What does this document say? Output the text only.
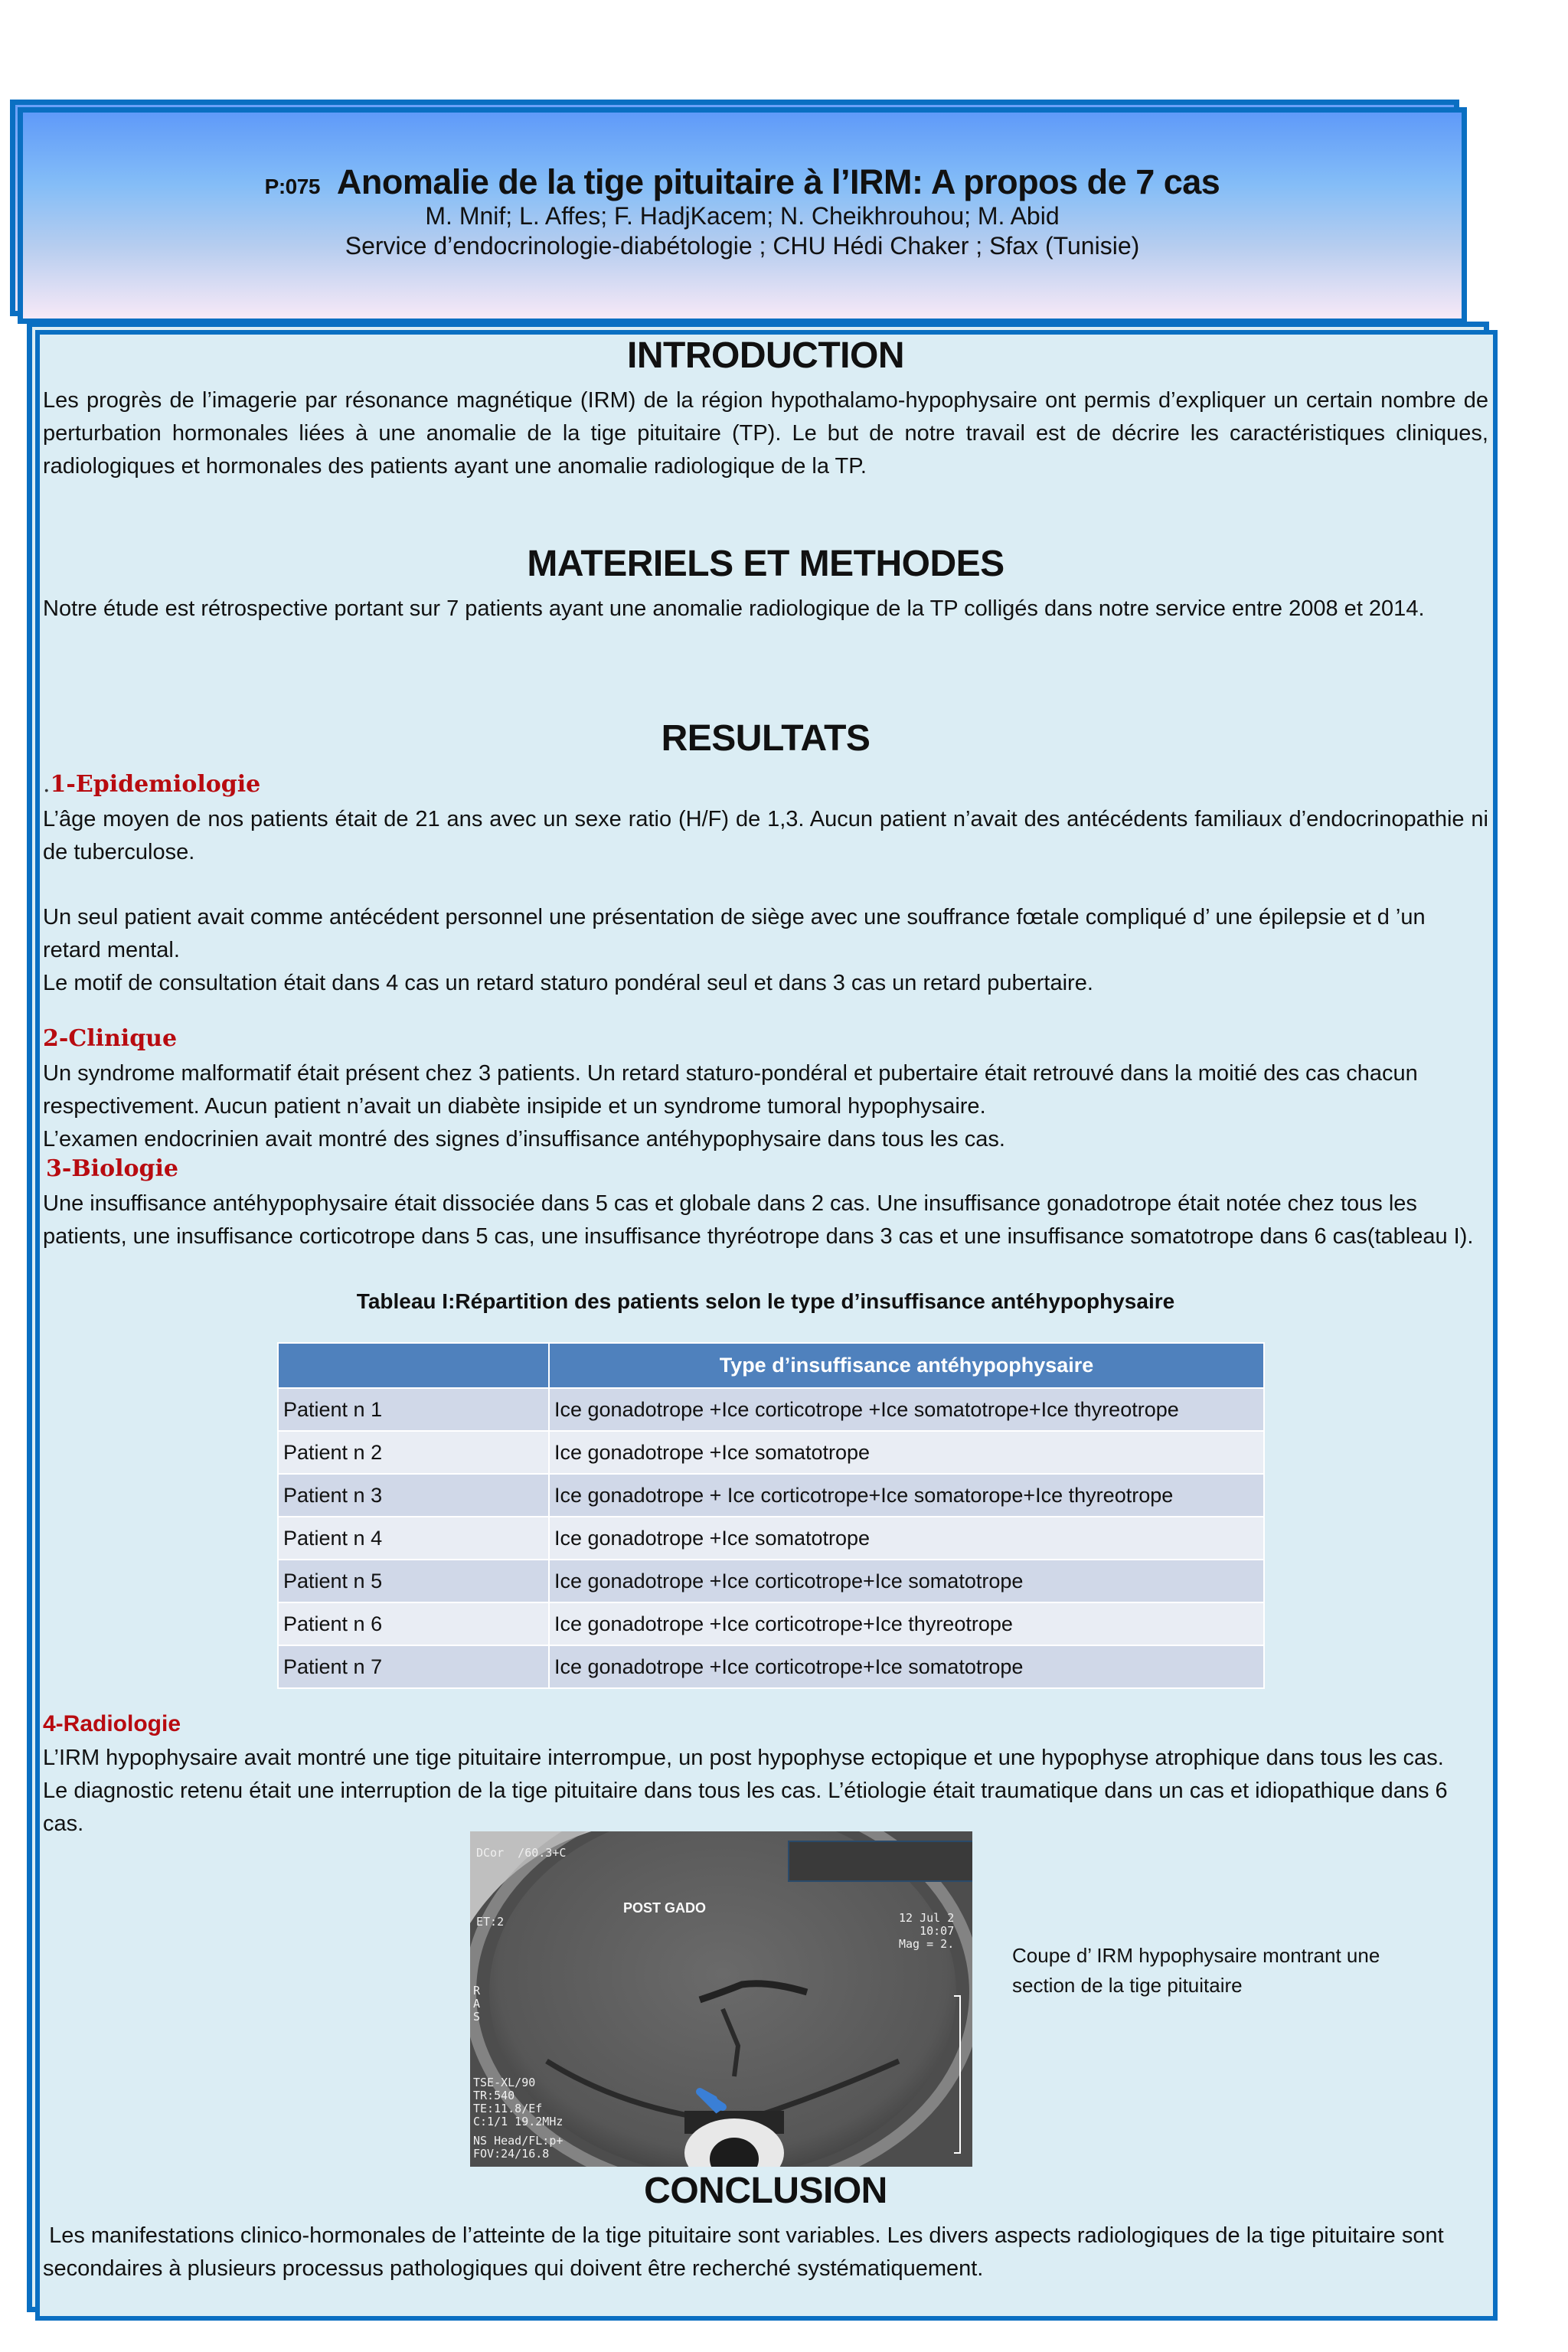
P:075 Anomalie de la tige pituitaire à l’IRM: A propos de 7 cas
M. Mnif; L. Affes; F. HadjKacem; N. Cheikhrouhou; M. Abid
Service d’endocrinologie-diabétologie ; CHU Hédi Chaker ; Sfax (Tunisie)
INTRODUCTION
Les progrès de l’imagerie par résonance magnétique (IRM) de la région hypothalamo-hypophysaire ont permis d’expliquer un certain nombre de perturbation hormonales liées à une anomalie de la tige pituitaire (TP). Le but de notre travail est de décrire les caractéristiques cliniques, radiologiques et hormonales des patients ayant une anomalie radiologique de la TP.
MATERIELS ET METHODES
Notre étude est rétrospective portant sur 7 patients ayant une anomalie radiologique de la TP colligés dans notre service entre 2008 et 2014.
RESULTATS
.1-Epidemiologie
L’âge moyen de nos patients était de 21 ans avec un sexe ratio (H/F) de 1,3. Aucun patient n’avait des antécédents familiaux d’endocrinopathie ni de tuberculose.
Un seul patient avait comme antécédent personnel une présentation de siège avec une souffrance fœtale compliqué d’ une épilepsie et d ’un retard mental.
Le motif de consultation était dans 4 cas un retard staturo pondéral seul et dans 3 cas un retard pubertaire.
2-Clinique
Un syndrome malformatif était présent chez 3 patients. Un retard staturo-pondéral et pubertaire était retrouvé dans la moitié des cas chacun respectivement. Aucun patient n’avait un diabète insipide et un syndrome tumoral hypophysaire.
L’examen endocrinien avait montré des signes d’insuffisance antéhypophysaire dans tous les cas.
3-Biologie
Une insuffisance antéhypophysaire était dissociée dans 5 cas et globale dans 2 cas. Une insuffisance gonadotrope était notée chez tous les patients, une insuffisance corticotrope dans 5 cas, une insuffisance thyréotrope dans 3 cas et une insuffisance somatotrope dans 6 cas(tableau I).
Tableau I:Répartition des patients selon le type d’insuffisance antéhypophysaire
	Type d’insuffisance antéhypophysaire
Patient n 1	Ice gonadotrope +Ice corticotrope +Ice somatotrope+Ice thyreotrope
Patient n 2	Ice gonadotrope +Ice somatotrope
Patient n 3	Ice gonadotrope + Ice corticotrope+Ice somatorope+Ice thyreotrope
Patient n 4	Ice gonadotrope +Ice somatotrope
Patient n 5	Ice gonadotrope +Ice corticotrope+Ice somatotrope
Patient n 6	Ice gonadotrope +Ice corticotrope+Ice thyreotrope
Patient n 7	Ice gonadotrope +Ice corticotrope+Ice somatotrope
4-Radiologie
L’IRM hypophysaire avait montré une tige pituitaire interrompue, un post hypophyse ectopique et une hypophyse atrophique dans tous les cas. Le diagnostic retenu était une interruption de la tige pituitaire dans tous les cas. L’étiologie était traumatique dans un cas et idiopathique dans 6 cas.
DCor  /60.3+C
ET:2
R
A
S
12 Jul 2
10:07
Mag = 2.
TSE-XL/90
TR:540
TE:11.8/Ef
C:1/1 19.2MHz
NS Head/FL:p+
FOV:24/16.8
POST GADO
Coupe d’ IRM hypophysaire montrant une section de la tige pituitaire
CONCLUSION
Les manifestations clinico-hormonales de l’atteinte de la tige pituitaire sont variables. Les divers aspects radiologiques de la tige pituitaire sont secondaires à plusieurs processus pathologiques qui doivent être recherché systématiquement.
